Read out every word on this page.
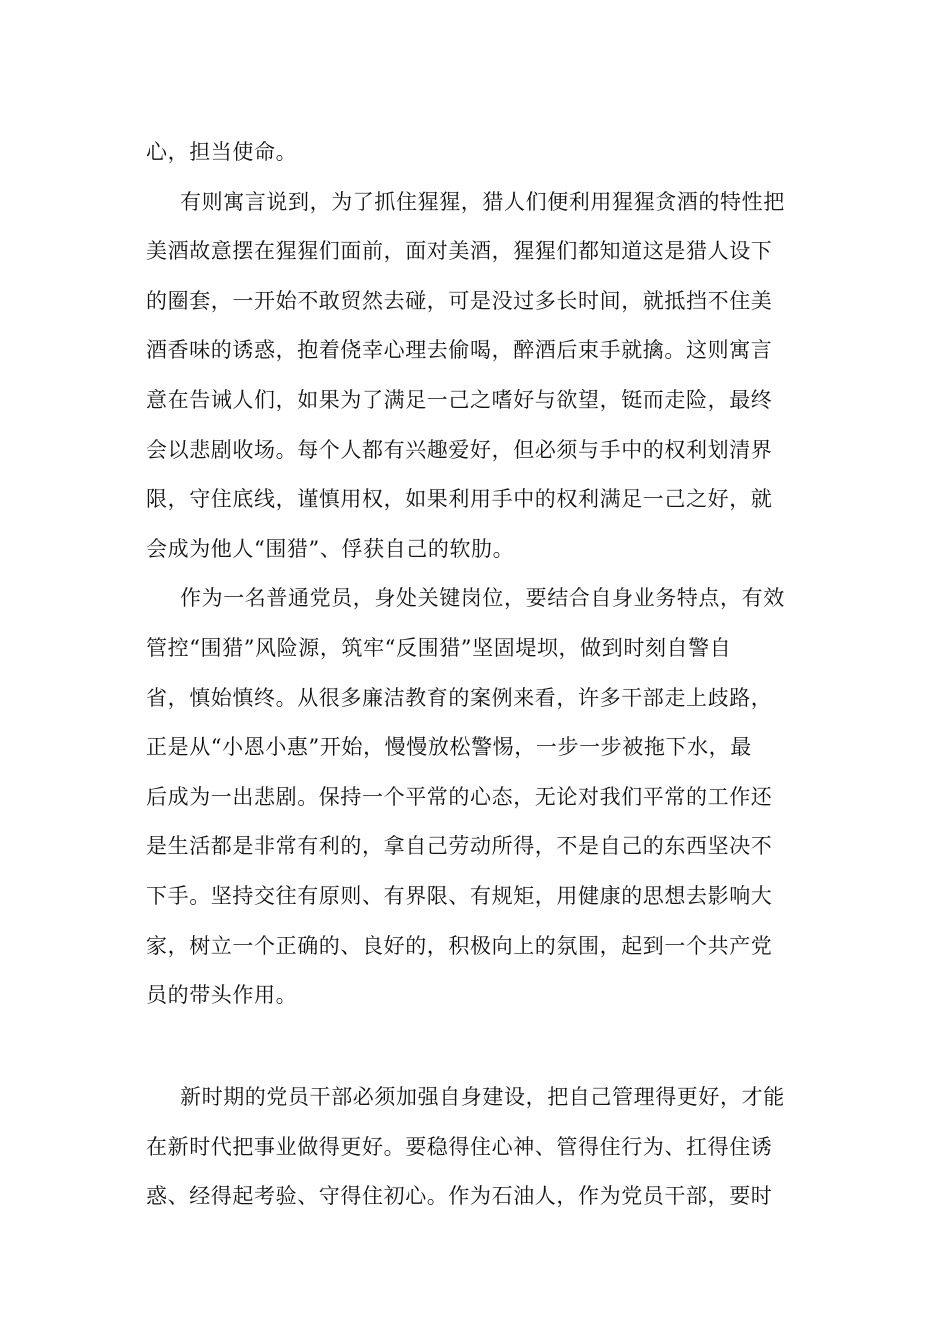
心，担当使命。
有则寓言说到，为了抓住猩猩，猎人们便利用猩猩贪酒的特性把
美酒故意摆在猩猩们面前，面对美酒，猩猩们都知道这是猎人设下
的圈套，一开始不敢贸然去碰，可是没过多长时间，就抵挡不住美
酒香味的诱惑，抱着侥幸心理去偷喝，醉酒后束手就擒。这则寓言
意在告诫人们，如果为了满足一己之嗜好与欲望，铤而走险，最终
会以悲剧收场。每个人都有兴趣爱好，但必须与手中的权利划清界
限，守住底线，谨慎用权，如果利用手中的权利满足一己之好，就
会成为他人“围猎”、俘获自己的软肋。
作为一名普通党员，身处关键岗位，要结合自身业务特点，有效
管控“围猎”风险源，筑牢“反围猎”坚固堤坝，做到时刻自警自
省，慎始慎终。从很多廉洁教育的案例来看，许多干部走上歧路，
正是从“小恩小惠”开始，慢慢放松警惕，一步一步被拖下水，最
后成为一出悲剧。保持一个平常的心态，无论对我们平常的工作还
是生活都是非常有利的，拿自己劳动所得，不是自己的东西坚决不
下手。坚持交往有原则、有界限、有规矩，用健康的思想去影响大
家，树立一个正确的、良好的，积极向上的氛围，起到一个共产党
员的带头作用。
新时期的党员干部必须加强自身建设，把自己管理得更好，才能
在新时代把事业做得更好。要稳得住心神、管得住行为、扛得住诱
惑、经得起考验、守得住初心。作为石油人，作为党员干部，要时
